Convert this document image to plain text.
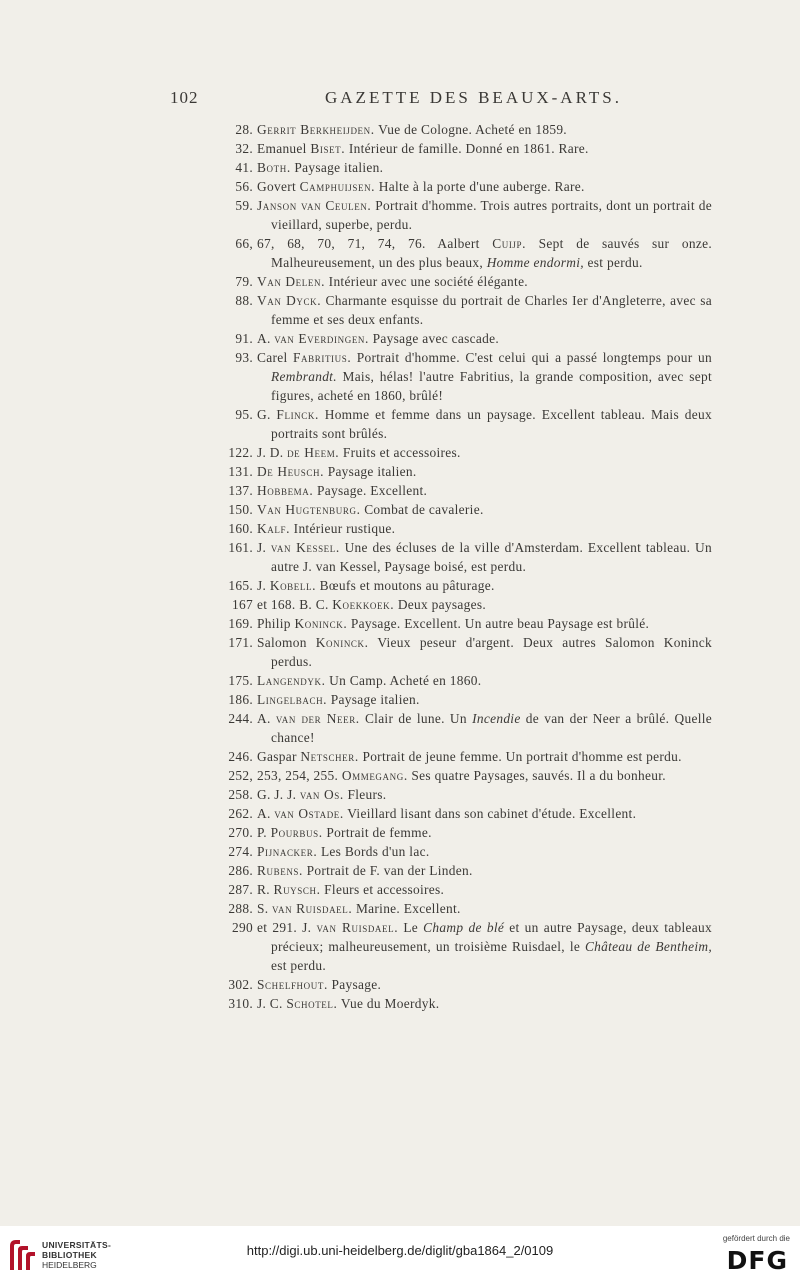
102	GAZETTE DES BEAUX-ARTS.
28. Gerrit Berkheijden. Vue de Cologne. Acheté en 1859.
32. Emanuel Biset. Intérieur de famille. Donné en 1861. Rare.
41. Both. Paysage italien.
56. Govert Camphuijsen. Halte à la porte d'une auberge. Rare.
59. Janson van Ceulen. Portrait d'homme. Trois autres portraits, dont un portrait de vieillard, superbe, perdu.
66, 67, 68, 70, 71, 74, 76. Aalbert Cuijp. Sept de sauvés sur onze. Malheureusement, un des plus beaux, Homme endormi, est perdu.
79. Van Delen. Intérieur avec une société élégante.
88. Van Dyck. Charmante esquisse du portrait de Charles Ier d'Angleterre, avec sa femme et ses deux enfants.
91. A. van Everdingen. Paysage avec cascade.
93. Carel Fabritius. Portrait d'homme. C'est celui qui a passé longtemps pour un Rembrandt. Mais, hélas! l'autre Fabritius, la grande composition, avec sept figures, acheté en 1860, brûlé!
95. G. Flinck. Homme et femme dans un paysage. Excellent tableau. Mais deux portraits sont brûlés.
122. J. D. de Heem. Fruits et accessoires.
131. De Heusch. Paysage italien.
137. Hobbema. Paysage. Excellent.
150. Van Hugtenburg. Combat de cavalerie.
160. Kalf. Intérieur rustique.
161. J. van Kessel. Une des écluses de la ville d'Amsterdam. Excellent tableau. Un autre J. van Kessel, Paysage boisé, est perdu.
165. J. Kobell. Bœufs et moutons au pâturage.
167 et 168. B. C. Koekkoek. Deux paysages.
169. Philip Koninck. Paysage. Excellent. Un autre beau Paysage est brûlé.
171. Salomon Koninck. Vieux peseur d'argent. Deux autres Salomon Koninck perdus.
175. Langendyk. Un Camp. Acheté en 1860.
186. Lingelbach. Paysage italien.
244. A. van der Neer. Clair de lune. Un Incendie de van der Neer a brûlé. Quelle chance!
246. Gaspar Netscher. Portrait de jeune femme. Un portrait d'homme est perdu.
252, 253, 254, 255. Ommegang. Ses quatre Paysages, sauvés. Il a du bonheur.
258. G. J. J. van Os. Fleurs.
262. A. van Ostade. Vieillard lisant dans son cabinet d'étude. Excellent.
270. P. Pourbus. Portrait de femme.
274. Pijnacker. Les Bords d'un lac.
286. Rubens. Portrait de F. van der Linden.
287. R. Ruysch. Fleurs et accessoires.
288. S. van Ruisdael. Marine. Excellent.
290 et 291. J. van Ruisdael. Le Champ de blé et un autre Paysage, deux tableaux précieux; malheureusement, un troisième Ruisdael, le Château de Bentheim, est perdu.
302. Schelfhout. Paysage.
310. J. C. Schotel. Vue du Moerdyk.
UNIVERSITÄTS-
BIBLIOTHEK
HEIDELBERG
http://digi.ub.uni-heidelberg.de/diglit/gba1864_2/0109
gefördert durch die
DFG
